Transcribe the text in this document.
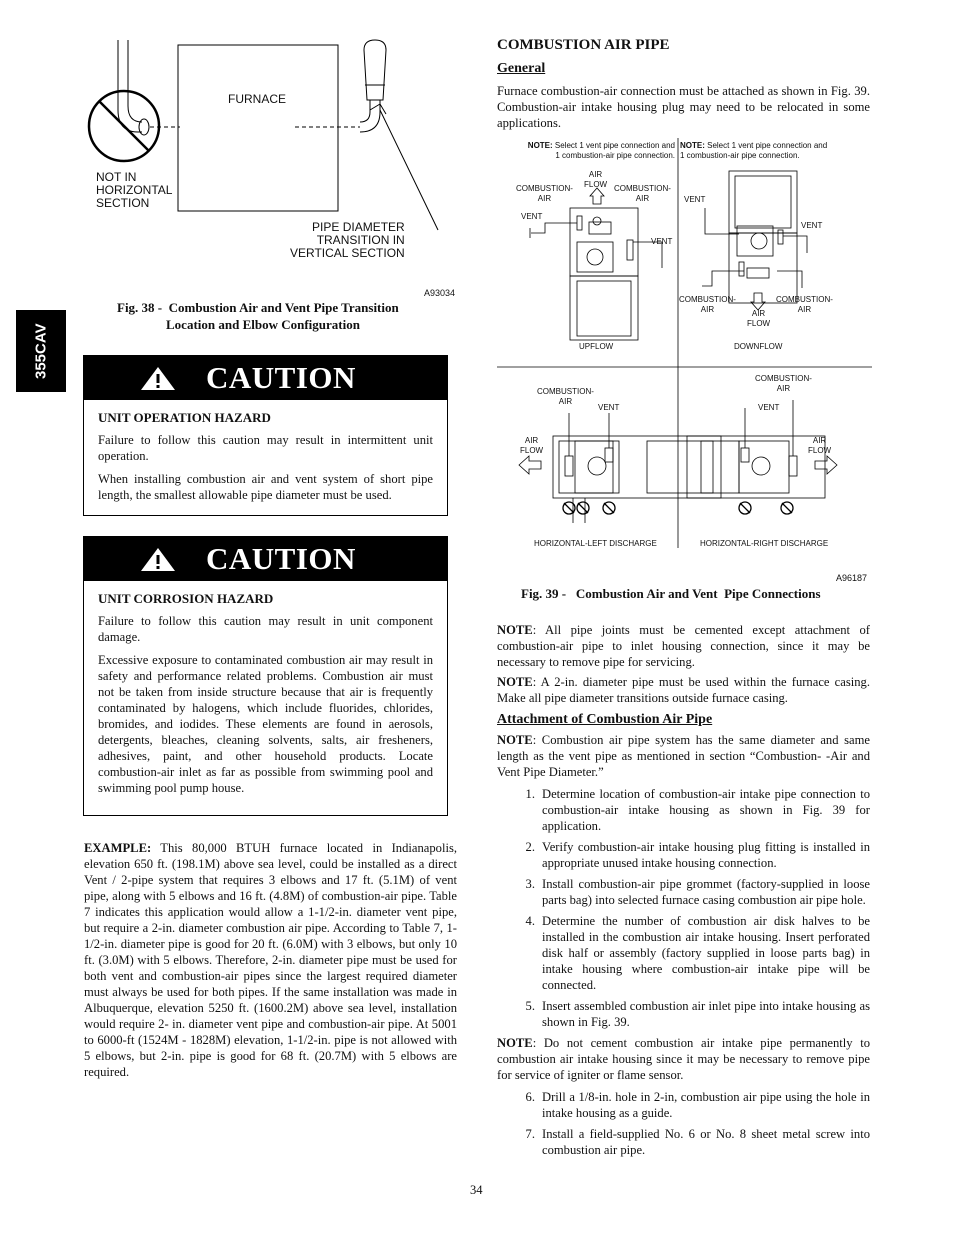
355CAV
FURNACE
NOT IN
HORIZONTAL
SECTION
PIPE DIAMETER
TRANSITION IN
VERTICAL SECTION
A93034
Fig. 38 -  Combustion Air and Vent Pipe Transition
Location and Elbow Configuration
CAUTION
UNIT OPERATION HAZARD

Failure to follow this caution may result in intermittent unit operation.

When installing combustion air and vent system of short pipe length, the smallest allowable pipe diameter must be used.

CAUTION
UNIT CORROSION HAZARD

Failure to follow this caution may result in unit component damage.

Excessive exposure to contaminated combustion air may result in safety and performance related problems. Combustion air must not be taken from inside structure because that air is frequently contaminated by halogens, which include fluorides, chlorides, bromides, and iodides. These elements are found in aerosols, detergents, bleaches, cleaning solvents, salts, air fresheners, adhesives, paint, and other household products. Locate combustion-air inlet as far as possible from swimming pool and swimming pool pump house.

EXAMPLE: This 80,000 BTUH furnace located in Indianapolis, elevation 650 ft. (198.1M) above sea level, could be installed as a direct Vent / 2-pipe system that requires 3 elbows and 17 ft. (5.1M) of vent pipe, along with 5 elbows and 16 ft. (4.8M) of combustion-air pipe. Table 7 indicates this application would allow a 1-1/2-in. diameter vent pipe, but require a 2-in. diameter combustion air pipe. According to Table 7, 1-1/2-in. diameter pipe is good for 20 ft. (6.0M) with 3 elbows, but only 10 ft. (3.0M) with 5 elbows. Therefore, 2-in. diameter pipe must be used for both vent and combustion-air pipes since the largest required diameter must always be used for both pipes. If the same installation was made in Albuquerque, elevation 5250 ft. (1600.2M) above sea level, installation would require 2- in. diameter vent pipe and combustion-air pipe. At 5001 to 6000-ft (1524M - 1828M) elevation, 1-1/2-in. pipe is not allowed with 5 elbows, but 2-in. pipe is good for 68 ft. (20.7M) with 5 elbows are required.

COMBUSTION AIR PIPE
General

Furnace combustion-air connection must be attached as shown in Fig. 39. Combustion-air intake housing plug may need to be relocated in some applications.

NOTE: Select 1 vent pipe connection and
1 combustion-air pipe connection.
NOTE: Select 1 vent pipe connection and
1 combustion-air pipe connection.
COMBUSTION-
AIR
AIR
FLOW COMBUSTION-
AIR
VENT
VENT
UPFLOW
VENT
VENT
COMBUSTION-
AIR	AIR
FLOW
COMBUSTION-
AIR
DOWNFLOW
COMBUSTION-
AIR
VENT
AIR
FLOW
HORIZONTAL-LEFT DISCHARGE
COMBUSTION-
AIR
VENT
AIR
FLOW
HORIZONTAL-RIGHT DISCHARGE
A96187
Fig. 39 -   Combustion Air and Vent  Pipe Connections

NOTE: All pipe joints must be cemented except attachment of combustion-air pipe to inlet housing connection, since it may be necessary to remove pipe for servicing.

NOTE: A 2-in. diameter pipe must be used within the furnace casing. Make all pipe diameter transitions outside furnace casing.

Attachment of Combustion Air Pipe

NOTE: Combustion air pipe system has the same diameter and same length as the vent pipe as mentioned in section “Combustion- -Air and Vent Pipe Diameter.”

1. Determine location of combustion-air intake pipe connection to combustion-air intake housing as shown in Fig. 39 for application.
2. Verify combustion-air intake housing plug fitting is installed in appropriate unused intake housing connection.
3. Install combustion-air pipe grommet (factory-supplied in loose parts bag) into selected furnace casing combustion air pipe hole.
4. Determine the number of combustion air disk halves to be installed in the combustion air intake housing. Insert perforated disk half or assembly (factory supplied in loose parts bag) in intake housing where combustion-air intake pipe will be connected.
5. Insert assembled combustion air inlet pipe into intake housing as shown in Fig. 39.

NOTE: Do not cement combustion air intake pipe permanently to combustion air intake housing since it may be necessary to remove pipe for service of igniter or flame sensor.

6. Drill a 1/8-in. hole in 2-in, combustion air pipe using the hole in intake housing as a guide.
7. Install a field-supplied No. 6 or No. 8 sheet metal screw into combustion air pipe.
34
